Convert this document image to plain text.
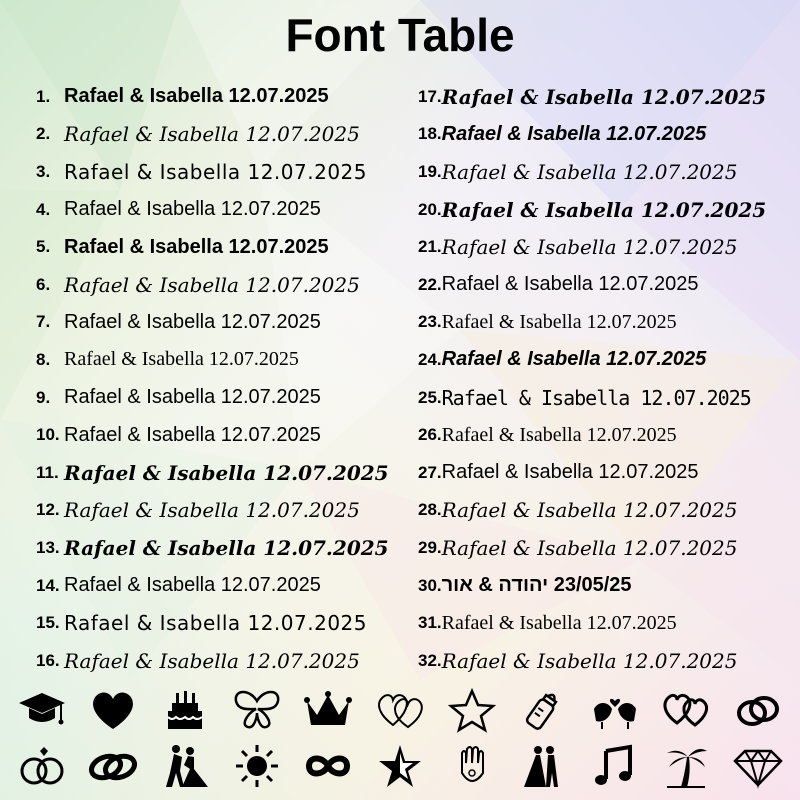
Font Table
1. Rafael & Isabella 12.07.2025
2. Rafael & Isabella 12.07.2025
3. Rafael & Isabella 12.07.2025
4. Rafael & Isabella 12.07.2025
5. Rafael & Isabella 12.07.2025
6. Rafael & Isabella 12.07.2025
7. Rafael & Isabella 12.07.2025
8. Rafael & Isabella 12.07.2025
9. Rafael & Isabella 12.07.2025
10. Rafael & Isabella 12.07.2025
11. Rafael & Isabella 12.07.2025
12. Rafael & Isabella 12.07.2025
13. Rafael & Isabella 12.07.2025
14. Rafael & Isabella 12.07.2025
15. Rafael & Isabella 12.07.2025
16. Rafael & Isabella 12.07.2025
17. Rafael & Isabella 12.07.2025
18. Rafael & Isabella 12.07.2025
19. Rafael & Isabella 12.07.2025
20. Rafael & Isabella 12.07.2025
21. Rafael & Isabella 12.07.2025
22. Rafael & Isabella 12.07.2025
23. Rafael & Isabella 12.07.2025
24. Rafael & Isabella 12.07.2025
25. Rafael & Isabella 12.07.2025
26. Rafael & Isabella 12.07.2025
27. Rafael & Isabella 12.07.2025
28. Rafael & Isabella 12.07.2025
29. Rafael & Isabella 12.07.2025
30. 23/05/25 יהודה & אור
31. Rafael & Isabella 12.07.2025
32. Rafael & Isabella 12.07.2025
